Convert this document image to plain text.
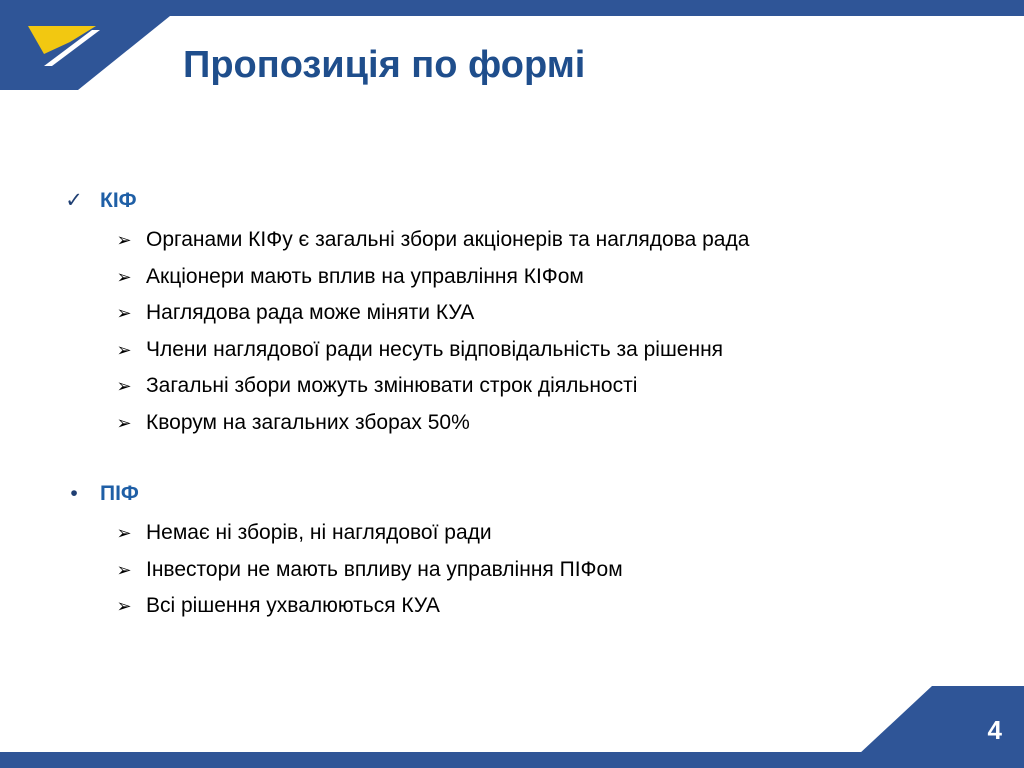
Пропозиція по формі
✓ КІФ
➢ Органами КІФу є загальні збори акціонерів та наглядова рада
➢ Акціонери мають вплив на управління КІФом
➢ Наглядова рада може міняти КУА
➢ Члени наглядової ради несуть відповідальність за рішення
➢ Загальні збори можуть змінювати строк діяльності
➢ Кворум на загальних зборах 50%
•	ПІФ
➢ Немає ні зборів, ні наглядової ради
➢ Інвестори не мають впливу на управління ПІФом
➢ Всі рішення ухвалюються КУА
4
